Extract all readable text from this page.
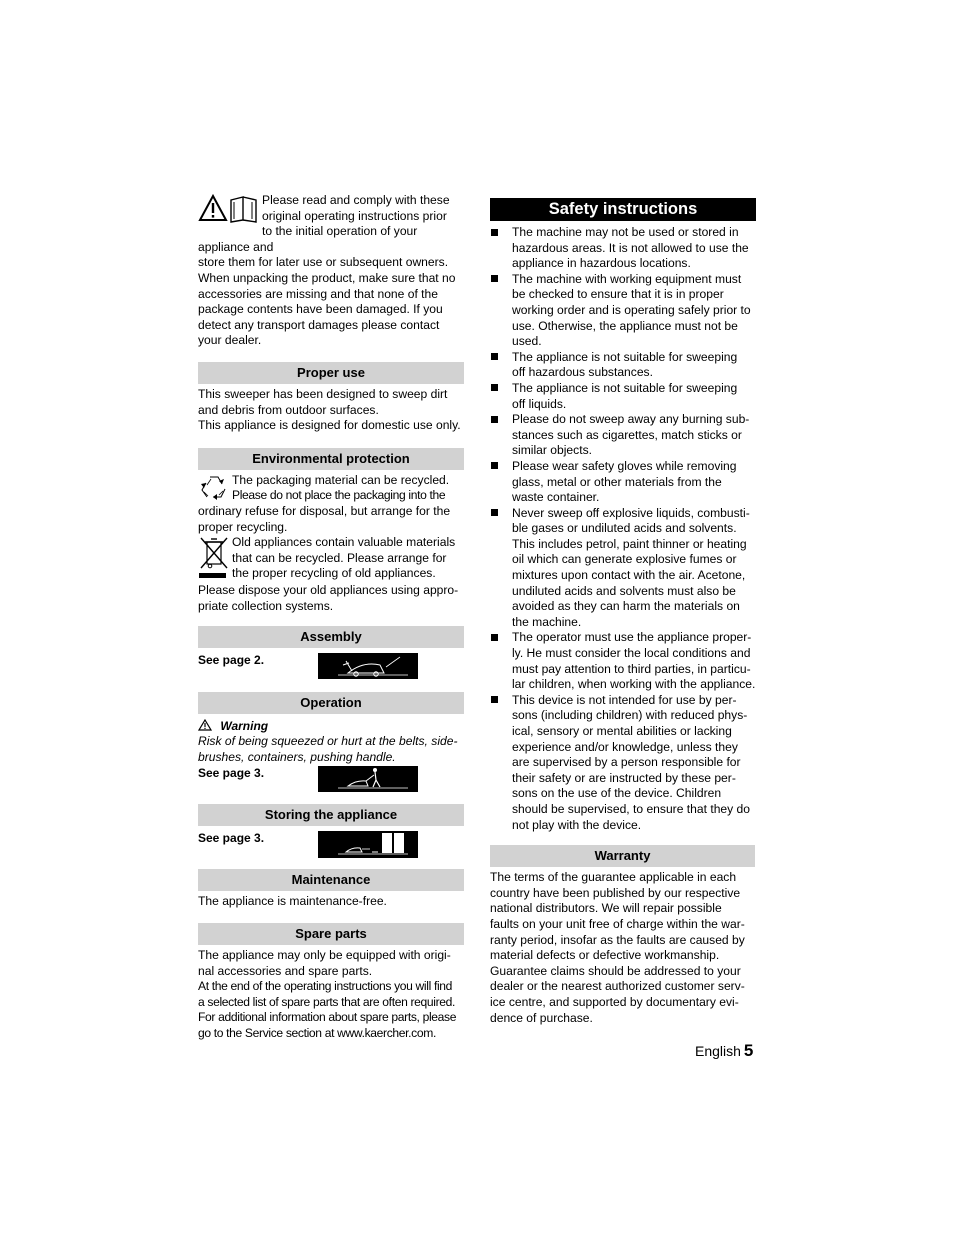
Please read and comply with these

original operating instructions prior

to the initial operation of your appliance and

store them for later use or subsequent owners.

When unpacking the product, make sure that no

accessories are missing and that none of the

package contents have been damaged. If you

detect any transport damages please contact

your dealer.

Proper use

This sweeper has been designed to sweep dirt

and debris from outdoor surfaces.

This appliance is designed for domestic use only.

Environmental protection

The packaging material can be recycled.

Please do not place the packaging into the

ordinary refuse for disposal, but arrange for the

proper recycling.

Old appliances contain valuable materials

that can be recycled. Please arrange for

the proper recycling of old appliances.

Please dispose your old appliances using appro-

priate collection systems.

Assembly
See page 2.
Operation
Warning

Risk of being squeezed or hurt at the belts, side-

brushes, containers, pushing handle.

See page 3.
Storing the appliance
See page 3.
Maintenance

The appliance is maintenance-free.

Spare parts

The appliance may only be equipped with origi-

nal accessories and spare parts.

At the end of the operating instructions you will find

a selected list of spare parts that are often required.

For additional information about spare parts, please

go to the Service section at www.kaercher.com.

Safety instructions
The machine may not be used or stored in
hazardous areas. It is not allowed to use the
appliance in hazardous locations.
The machine with working equipment must
be checked to ensure that it is in proper
working order and is operating safely prior to
use. Otherwise, the appliance must not be
used.
The appliance is not suitable for sweeping
off hazardous substances.
The appliance is not suitable for sweeping
off liquids.
Please do not sweep away any burning sub-
stances such as cigarettes, match sticks or
similar objects.
Please wear safety gloves while removing
glass, metal or other materials from the
waste container.
Never sweep off explosive liquids, combusti-
ble gases or undiluted acids and solvents.
This includes petrol, paint thinner or heating
oil which can generate explosive fumes or
mixtures upon contact with the air. Acetone,
undiluted acids and solvents must also be
avoided as they can harm the materials on
the machine.
The operator must use the appliance proper-
ly. He must consider the local conditions and
must pay attention to third parties, in particu-
lar children, when working with the appliance.
This device is not intended for use by per-
sons (including children) with reduced phys-
ical, sensory or mental abilities or lacking
experience and/or knowledge, unless they
are supervised by a person responsible for
their safety or are instructed by these per-
sons on the use of the device. Children
should be supervised, to ensure that they do
not play with the device.
Warranty

The terms of the guarantee applicable in each

country have been published by our respective

national distributors. We will repair possible

faults on your unit free of charge within the war-

ranty period, insofar as the faults are caused by

material defects or defective workmanship.

Guarantee claims should be addressed to your

dealer or the nearest authorized customer serv-

ice centre, and supported by documentary evi-

dence of purchase.

English 5
